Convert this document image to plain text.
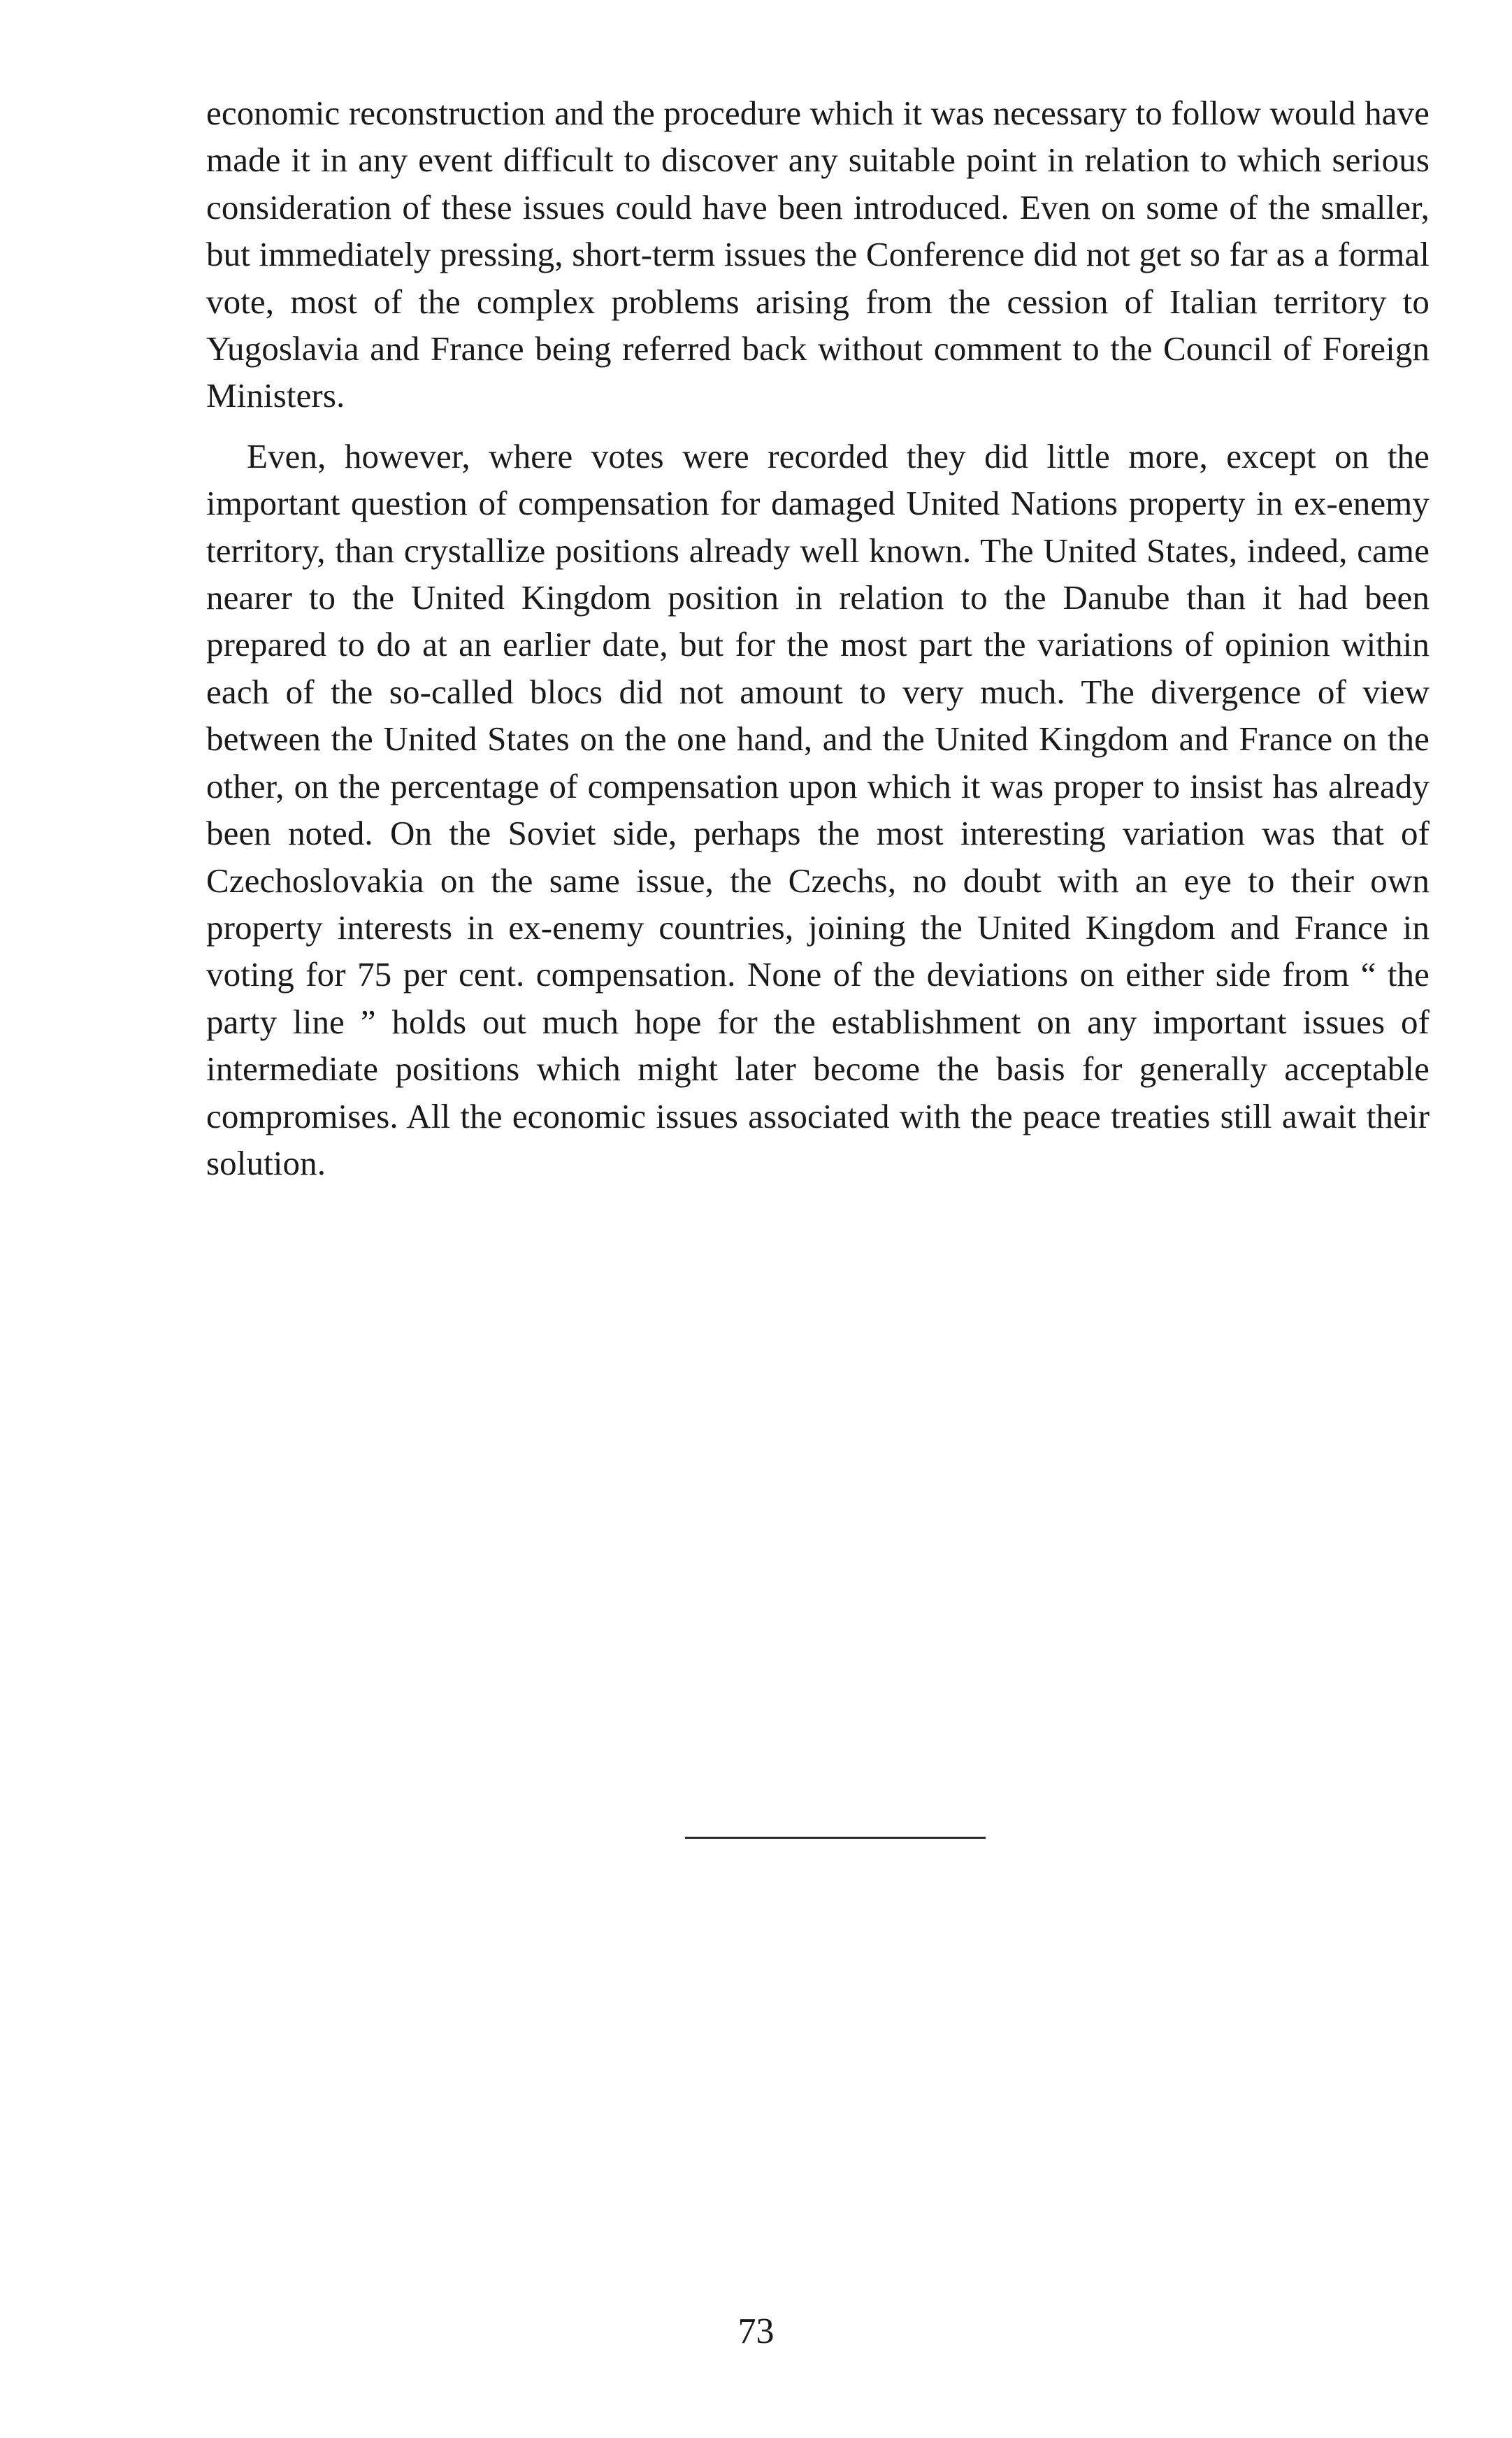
economic reconstruction and the procedure which it was necessary to follow would have made it in any event difficult to discover any suitable point in relation to which serious consideration of these issues could have been introduced. Even on some of the smaller, but immediately pressing, short-term issues the Conference did not get so far as a formal vote, most of the complex problems arising from the cession of Italian territory to Yugoslavia and France being referred back without comment to the Council of Foreign Ministers.

Even, however, where votes were recorded they did little more, except on the important question of compensation for damaged United Nations property in ex-enemy territory, than crystallize positions already well known. The United States, indeed, came nearer to the United Kingdom position in relation to the Danube than it had been prepared to do at an earlier date, but for the most part the variations of opinion within each of the so-called blocs did not amount to very much. The divergence of view between the United States on the one hand, and the United Kingdom and France on the other, on the percentage of compensation upon which it was proper to insist has already been noted. On the Soviet side, perhaps the most interesting variation was that of Czechoslovakia on the same issue, the Czechs, no doubt with an eye to their own property interests in ex-enemy countries, joining the United Kingdom and France in voting for 75 per cent. compensation. None of the deviations on either side from “ the party line ” holds out much hope for the establishment on any important issues of intermediate positions which might later become the basis for generally acceptable compromises. All the economic issues associated with the peace treaties still await their solution.

73
